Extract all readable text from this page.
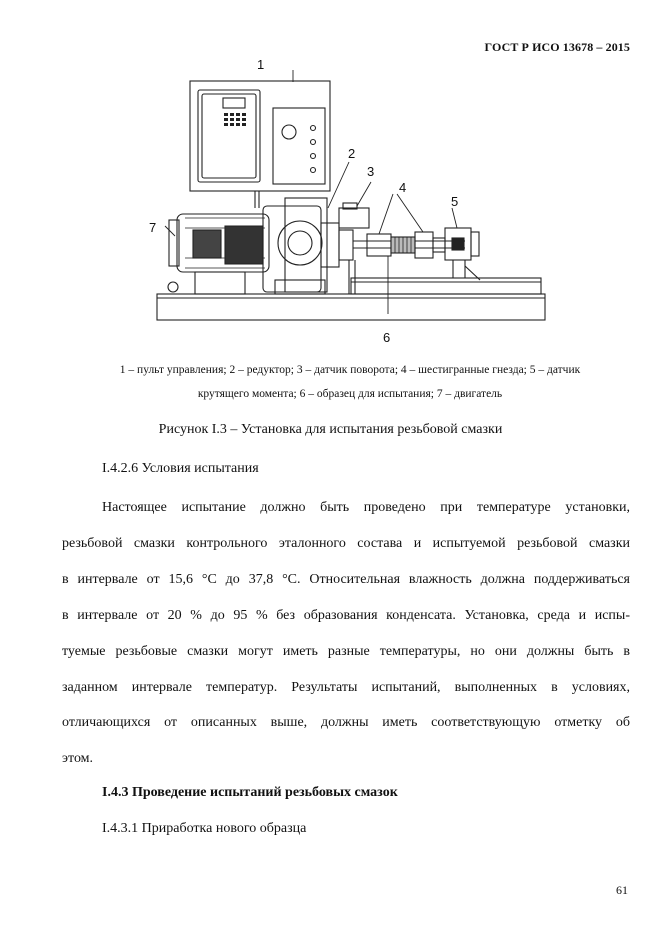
ГОСТ Р ИСО 13678 – 2015
1
2
3
4
5
6
7
1 – пульт управления; 2 – редуктор; 3 – датчик поворота; 4 – шестигранные гнезда; 5 – датчик
крутящего момента; 6 – образец для испытания; 7 – двигатель
Рисунок I.3 – Установка для испытания резьбовой смазки
I.4.2.6 Условия испытания
Настоящее испытание должно быть проведено при температуре установки,
резьбовой смазки контрольного эталонного состава и испытуемой резьбовой смазки
в интервале от 15,6 °С до 37,8 °С. Относительная влажность должна поддерживаться
в интервале от 20 % до 95 % без образования конденсата. Установка, среда и испы-
туемые резьбовые смазки могут иметь разные температуры, но они должны быть в
заданном интервале температур. Результаты испытаний, выполненных в условиях,
отличающихся от описанных выше, должны иметь соответствующую отметку об
этом.
I.4.3 Проведение испытаний резьбовых смазок
I.4.3.1 Приработка нового образца
61
